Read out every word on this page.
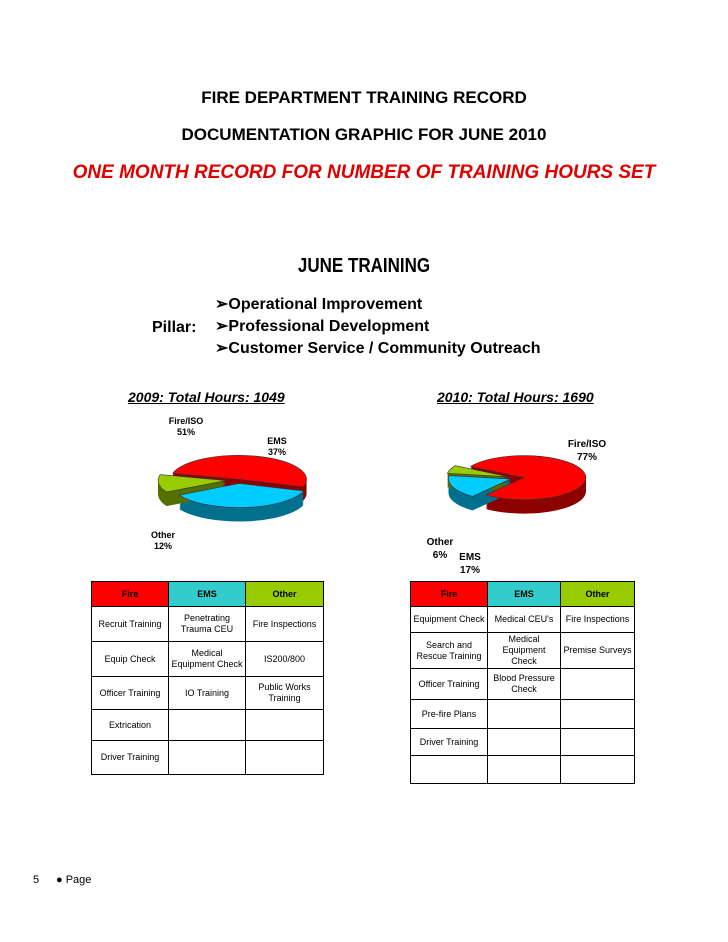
FIRE DEPARTMENT TRAINING RECORD
DOCUMENTATION GRAPHIC FOR JUNE 2010
ONE MONTH RECORD FOR NUMBER OF TRAINING HOURS SET
JUNE TRAINING
Pillar:
➢Operational Improvement
➢Professional Development
➢Customer Service / Community Outreach
2009: Total Hours: 1049
Fire/ISO
51%
EMS
37%
Other
12%
2010: Total Hours: 1690
Fire/ISO
77%
Other
6%	EMS
17%
Fire	EMS	Other
Recruit Training	Penetrating Trauma CEU	Fire Inspections
Equip Check	Medical Equipment Check	IS200/800
Officer Training	IO Training	Public Works Training
Extrication		
Driver Training		
Fire	EMS	Other
Equipment Check	Medical CEU's	Fire Inspections
Search and Rescue Training	Medical Equipment Check	Premise Surveys
Officer Training	Blood Pressure Check	
Pre-fire Plans		
Driver Training		

5 ● Page
